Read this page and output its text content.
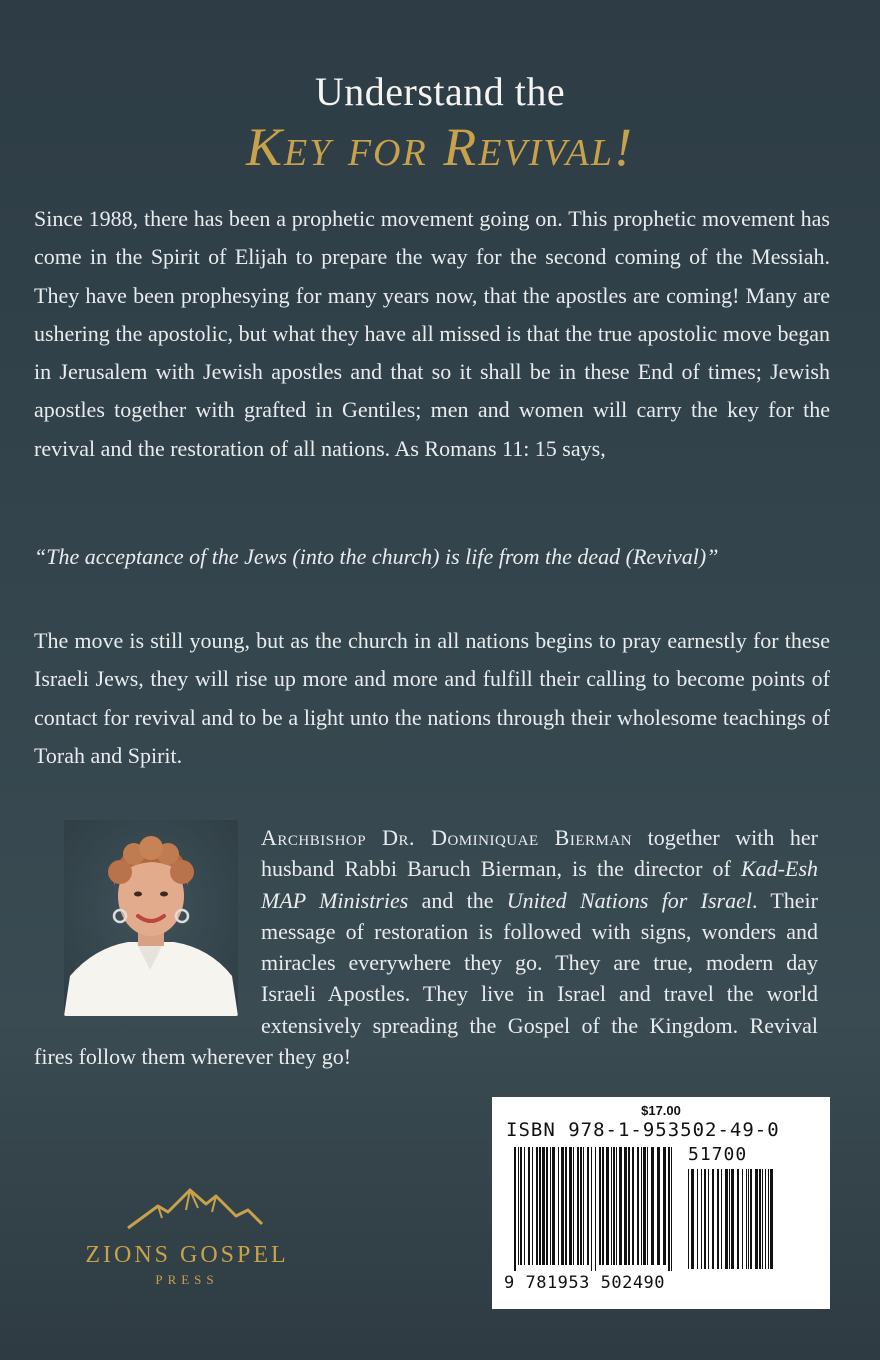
Understand the
Key for Revival!
Since 1988, there has been a prophetic movement going on. This prophetic movement has come in the Spirit of Elijah to prepare the way for the second coming of the Messiah. They have been prophesying for many years now, that the apostles are coming! Many are ushering the apostolic, but what they have all missed is that the true apostolic move began in Jerusalem with Jewish apostles and that so it shall be in these End of times; Jewish apostles together with grafted in Gentiles; men and women will carry the key for the revival and the restoration of all nations. As Romans 11: 15 says,
“The acceptance of the Jews (into the church) is life from the dead (Revival)”
The move is still young, but as the church in all nations begins to pray earnestly for these Israeli Jews, they will rise up more and more and fulfill their calling to become points of contact for revival and to be a light unto the nations through their wholesome teachings of Torah and Spirit.
Archbishop Dr. Dominiquae Bierman together with her husband Rabbi Baruch Bierman, is the director of Kad-Esh MAP Ministries and the United Nations for Israel. Their message of restoration is followed with signs, wonders and miracles everywhere they go. They are true, modern day Israeli Apostles. They live in Israel and travel the world extensively spreading the Gospel of the Kingdom. Revival fires follow them wherever they go!
ZIONS GOSPEL
PRESS
$17.00
ISBN 978-1-953502-49-0
51700
9 781953 502490
